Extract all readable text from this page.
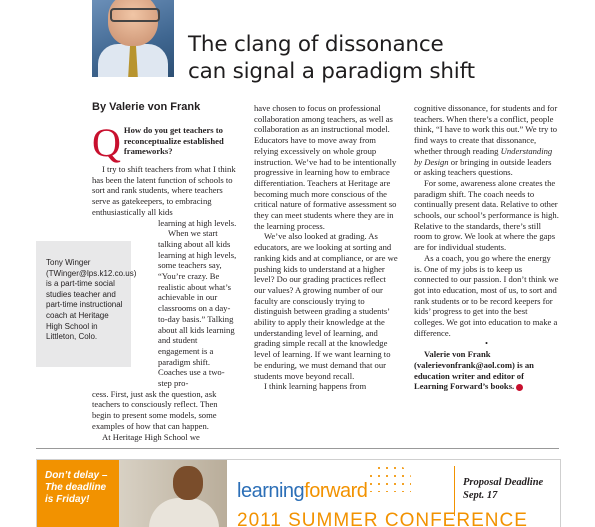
The clang of dissonance
can signal a paradigm shift
By Valerie von Frank
Q How do you get teachers to reconceptualize established frameworks?

I try to shift teachers from what I think has been the latent function of schools to sort and rank students, where teachers serve as gatekeepers, to embracing enthusiastically all kids

learning at high levels.

When we start talking about all kids learning at high levels, some teachers say, “You’re crazy. Be realistic about what’s achievable in our classrooms on a day-to-day basis.” Talking about all kids learning and student engagement is a paradigm shift. Coaches use a two-step pro-

cess. First, just ask the question, ask teachers to consciously reflect. Then begin to present some models, some examples of how that can happen.

At Heritage High School we

Tony Winger (TWinger@lps.k12.co.us) is a part-time social studies teacher and part-time instructional coach at Heritage High School in Littleton, Colo.

have chosen to focus on professional collaboration among teachers, as well as collaboration as an instructional model. Educators have to move away from relying excessively on whole group instruction. We’ve had to be intentionally progressive in learning how to embrace differentiation. Teachers at Heritage are becoming much more conscious of the critical nature of formative assessment so they can meet students where they are in the learning process.

We’ve also looked at grading. As educators, are we looking at sorting and ranking kids and at compliance, or are we pushing kids to understand at a higher level? Do our grading practices reflect our values? A growing number of our faculty are consciously trying to distinguish between grading a students’ ability to apply their knowledge at the understanding level of learning, and grading simple recall at the knowledge level of learning. If we want learning to be enduring, we must demand that our students move beyond recall.

I think learning happens from

cognitive dissonance, for students and for teachers. When there’s a conflict, people think, “I have to work this out.” We try to find ways to create that dissonance, whether through reading Understanding by Design or bringing in outside leaders or asking teachers questions.

For some, awareness alone creates the paradigm shift. The coach needs to continually present data. Relative to other schools, our school’s performance is high. Relative to the standards, there’s still room to grow. We look at where the gaps are for individual students.

As a coach, you go where the energy is. One of my jobs is to keep us connected to our passion. I don’t think we got into education, most of us, to sort and rank students or to be record keepers for kids’ progress to get into the best colleges. We got into education to make a difference.

•

Valerie von Frank
(valerievonfrank@aol.com) is an education writer and editor of Learning Forward’s books.

Don’t delay –
The deadline
is Friday!	learningforward
2011 SUMMER CONFERENCE
Proposal Deadline
Sept. 17
